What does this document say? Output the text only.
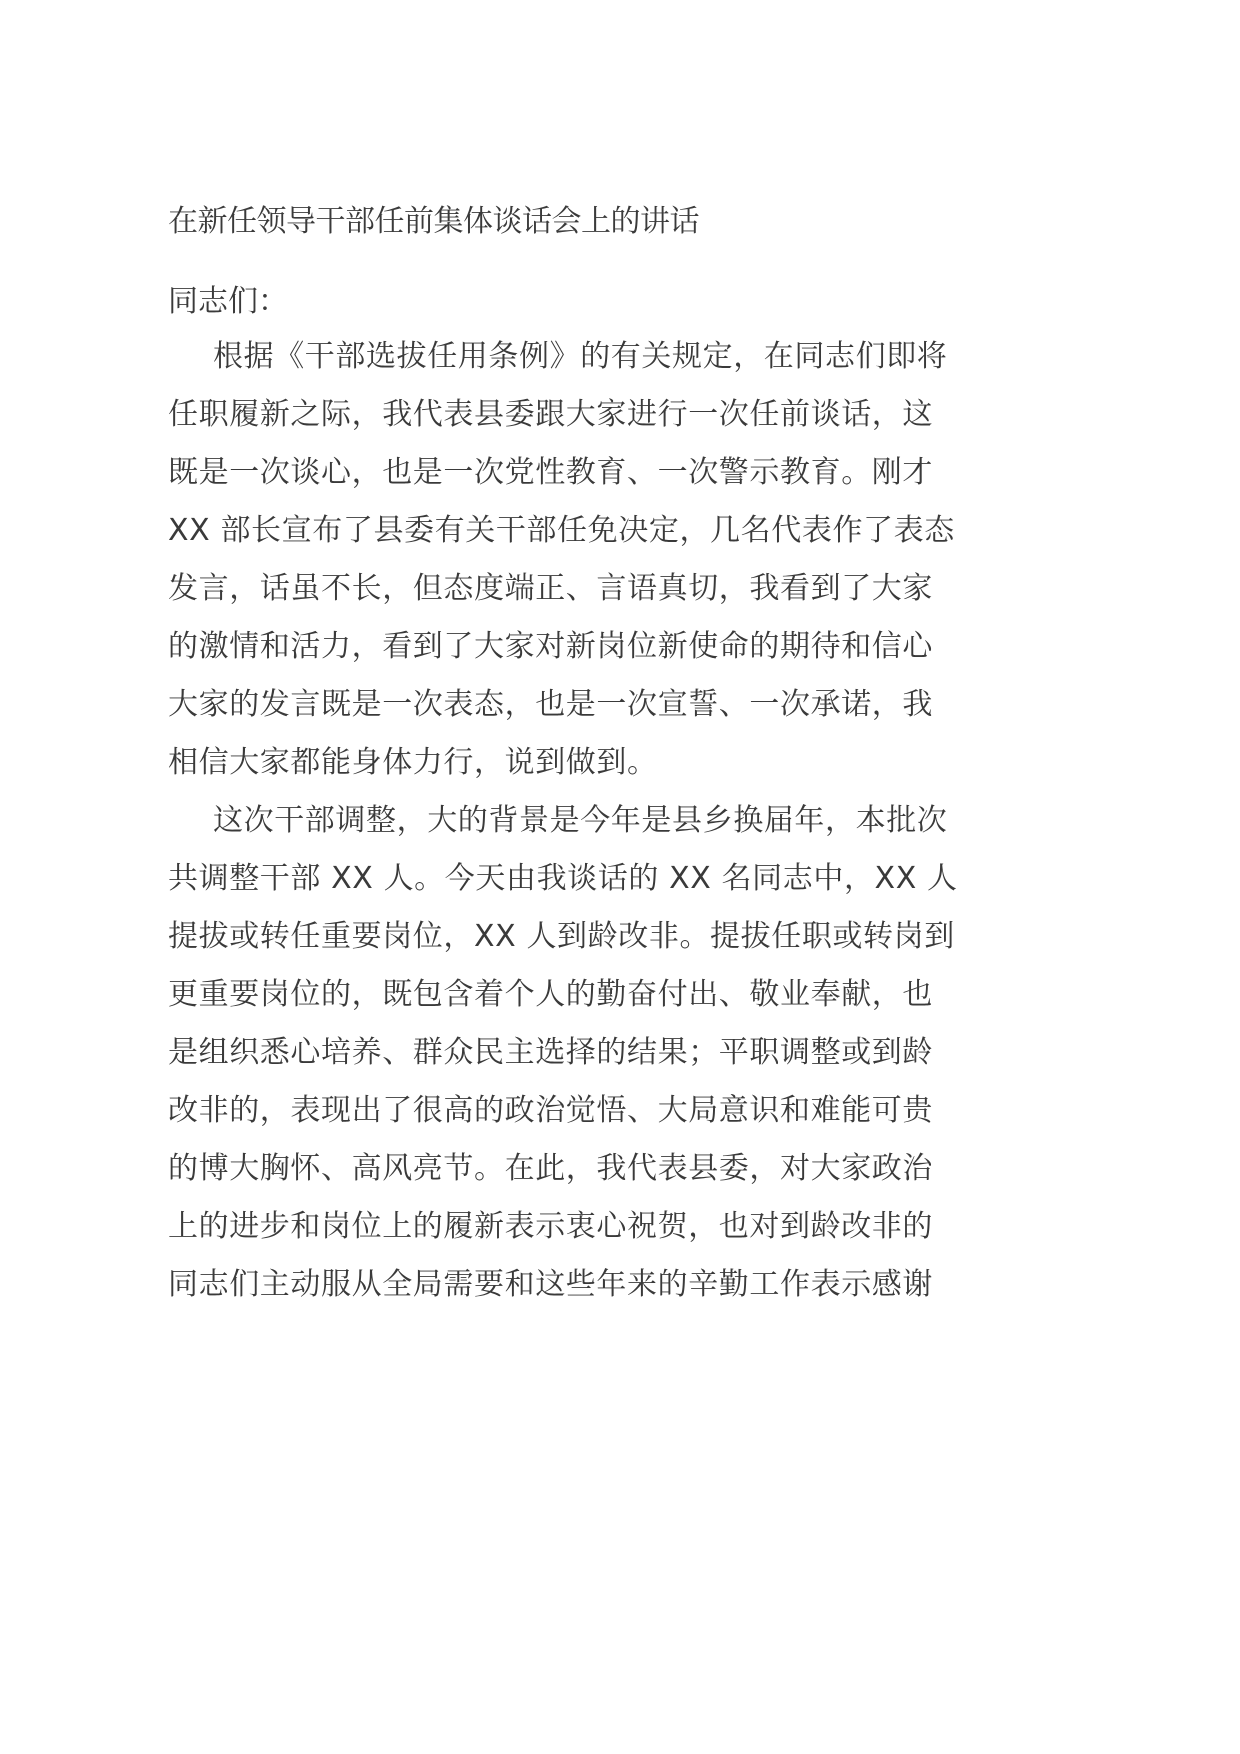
在新任领导干部任前集体谈话会上的讲话
同志们：
根据《干部选拔任用条例》的有关规定，在同志们即将
任职履新之际，我代表县委跟大家进行一次任前谈话，这
既是一次谈心，也是一次党性教育、一次警示教育。刚才
XX 部长宣布了县委有关干部任免决定，几名代表作了表态
发言，话虽不长，但态度端正、言语真切，我看到了大家
的激情和活力，看到了大家对新岗位新使命的期待和信心
大家的发言既是一次表态，也是一次宣誓、一次承诺，我
相信大家都能身体力行，说到做到。
这次干部调整，大的背景是今年是县乡换届年，本批次
共调整干部 XX 人。今天由我谈话的 XX 名同志中，XX 人
提拔或转任重要岗位，XX 人到龄改非。提拔任职或转岗到
更重要岗位的，既包含着个人的勤奋付出、敬业奉献，也
是组织悉心培养、群众民主选择的结果；平职调整或到龄
改非的，表现出了很高的政治觉悟、大局意识和难能可贵
的博大胸怀、高风亮节。在此，我代表县委，对大家政治
上的进步和岗位上的履新表示衷心祝贺，也对到龄改非的
同志们主动服从全局需要和这些年来的辛勤工作表示感谢
